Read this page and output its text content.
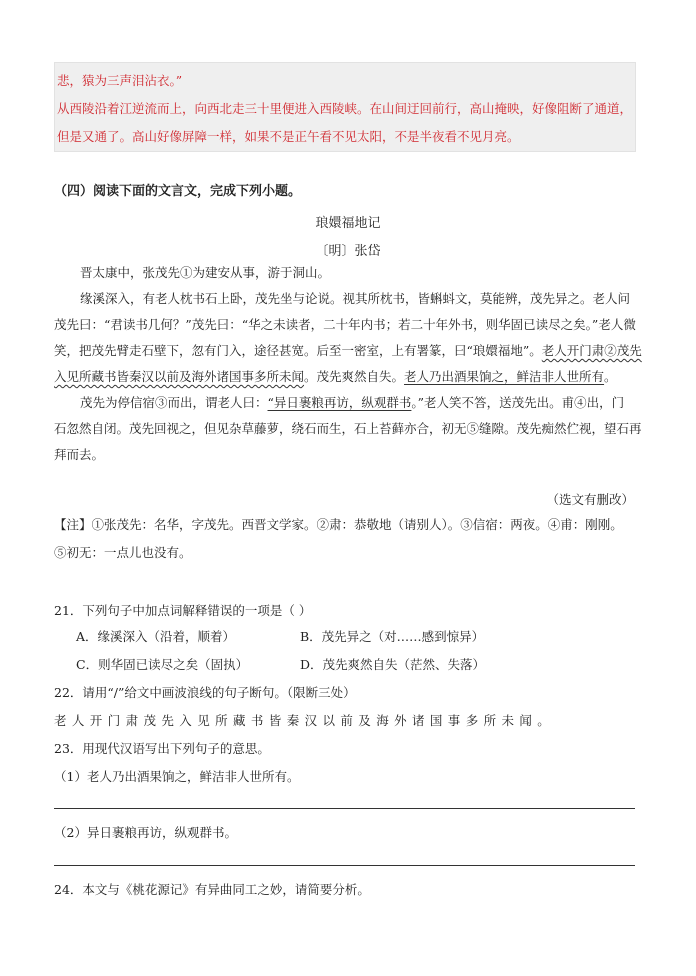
悲，猿为三声泪沾衣。”
从西陵沿着江逆流而上，向西北走三十里便进入西陵峡。在山间迂回前行，高山掩映，好像阻断了通道，
但是又通了。高山好像屏障一样，如果不是正午看不见太阳，不是半夜看不见月亮。
（四）阅读下面的文言文，完成下列小题。
琅嬛福地记
〔明〕张岱
晋太康中，张茂先①为建安从事，游于洞山。
缘溪深入，有老人枕书石上卧，茂先坐与论说。视其所枕书，皆蝌蚪文，莫能辨，茂先异之。老人问
茂先曰：“君读书几何？”茂先曰：“华之未读者，二十年内书；若二十年外书，则华固已读尽之矣。”老人微
笑，把茂先臂走石壁下，忽有门入，途径甚宽。后至一密室，上有署篆，曰“琅嬛福地”。老人开门肃②茂先
入见所藏书皆秦汉以前及海外诸国事多所未闻。茂先爽然自失。老人乃出酒果饷之，鲜洁非人世所有。
茂先为停信宿③而出，谓老人曰：“异日裹粮再访，纵观群书。”老人笑不答，送茂先出。甫④出，门
石忽然自闭。茂先回视之，但见杂草藤萝，绕石而生，石上苔藓亦合，初无⑤缝隙。茂先痴然伫视，望石再
拜而去。
（选文有删改）
【注】①张茂先：名华，字茂先。西晋文学家。②肃：恭敬地（请别人）。③信宿：两夜。④甫：刚刚。
⑤初无：一点儿也没有。
21．下列句子中加点词解释错误的一项是（ ）
A．缘溪深入（沿着，顺着）	B．茂先异之（对……感到惊异）
C．则华固已读尽之矣（固执）	D．茂先爽然自失（茫然、失落）
22．请用“/”给文中画波浪线的句子断句。（限断三处）
老人开门肃茂先入见所藏书皆秦汉以前及海外诸国事多所未闻。
23．用现代汉语写出下列句子的意思。
（1）老人乃出酒果饷之，鲜洁非人世所有。
（2）异日裹粮再访，纵观群书。
24．本文与《桃花源记》有异曲同工之妙，请简要分析。
